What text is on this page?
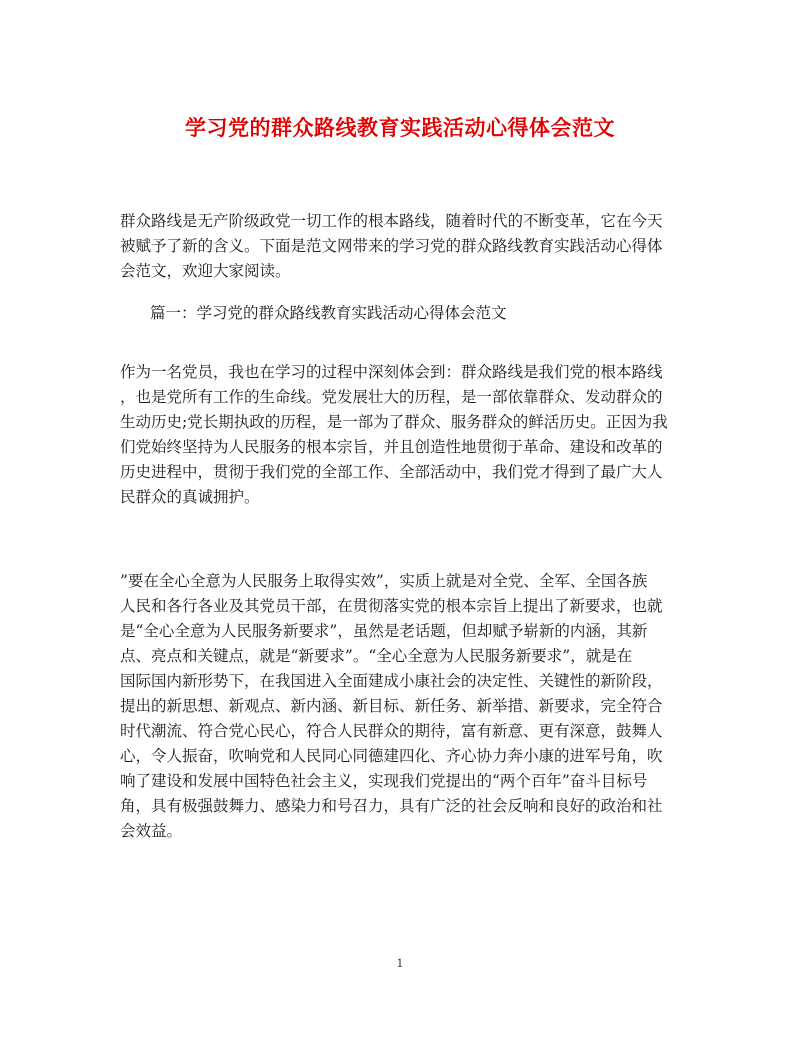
学习党的群众路线教育实践活动心得体会范文

群众路线是无产阶级政党一切工作的根本路线，随着时代的不断变革，它在今天

被赋予了新的含义。下面是范文网带来的学习党的群众路线教育实践活动心得体

会范文，欢迎大家阅读。

篇一：学习党的群众路线教育实践活动心得体会范文

作为一名党员，我也在学习的过程中深刻体会到：群众路线是我们党的根本路线

，也是党所有工作的生命线。党发展壮大的历程，是一部依靠群众、发动群众的

生动历史;党长期执政的历程，是一部为了群众、服务群众的鲜活历史。正因为我

们党始终坚持为人民服务的根本宗旨，并且创造性地贯彻于革命、建设和改革的

历史进程中，贯彻于我们党的全部工作、全部活动中，我们党才得到了最广大人

民群众的真诚拥护。

”要在全心全意为人民服务上取得实效”，实质上就是对全党、全军、全国各族

人民和各行各业及其党员干部，在贯彻落实党的根本宗旨上提出了新要求，也就

是“全心全意为人民服务新要求”，虽然是老话题，但却赋予崭新的内涵，其新

点、亮点和关键点，就是“新要求”。“全心全意为人民服务新要求”，就是在

国际国内新形势下，在我国进入全面建成小康社会的决定性、关键性的新阶段，

提出的新思想、新观点、新内涵、新目标、新任务、新举措、新要求，完全符合

时代潮流、符合党心民心，符合人民群众的期待，富有新意、更有深意，鼓舞人

心，令人振奋，吹响党和人民同心同德建四化、齐心协力奔小康的进军号角，吹

响了建设和发展中国特色社会主义，实现我们党提出的“两个百年”奋斗目标号

角，具有极强鼓舞力、感染力和号召力，具有广泛的社会反响和良好的政治和社

会效益。

1
